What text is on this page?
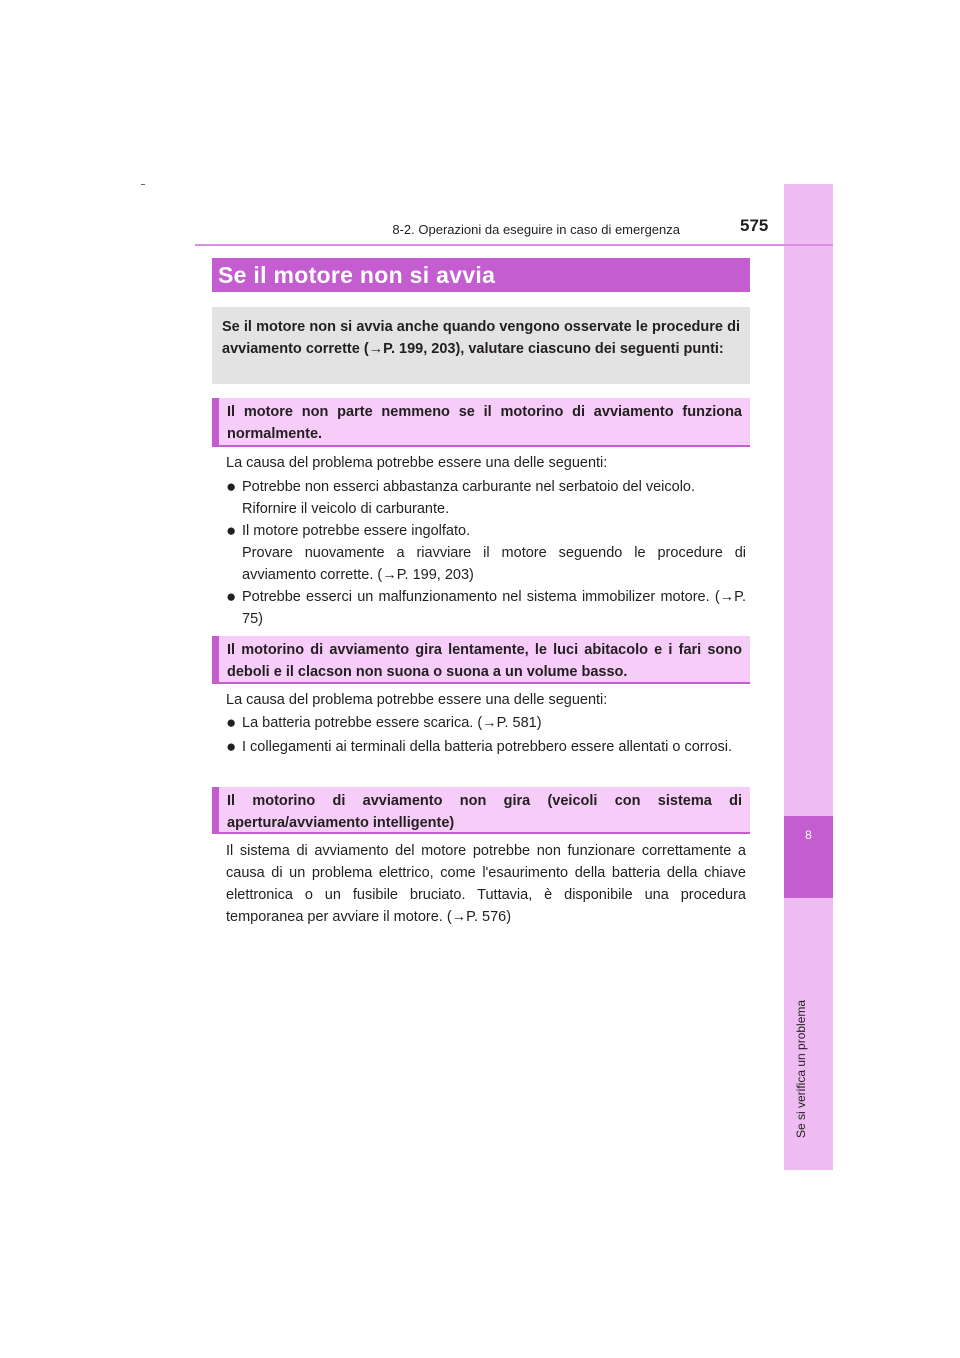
8
Se si verifica un problema
8-2. Operazioni da eseguire in caso di emergenza	575
Se il motore non si avvia
Se il motore non si avvia anche quando vengono osservate le procedure di avviamento corrette (→P. 199, 203), valutare ciascuno dei seguenti punti:
Il motore non parte nemmeno se il motorino di avviamento funziona normalmente.
La causa del problema potrebbe essere una delle seguenti:
● Potrebbe non esserci abbastanza carburante nel serbatoio del veicolo.
Rifornire il veicolo di carburante.
● Il motore potrebbe essere ingolfato.
Provare nuovamente a riavviare il motore seguendo le procedure di avviamento corrette. (→P. 199, 203)
● Potrebbe esserci un malfunzionamento nel sistema immobilizer motore. (→P. 75)
Il motorino di avviamento gira lentamente, le luci abitacolo e i fari sono deboli e il clacson non suona o suona a un volume basso.
La causa del problema potrebbe essere una delle seguenti:
● La batteria potrebbe essere scarica. (→P. 581)
● I collegamenti ai terminali della batteria potrebbero essere allentati o corrosi.
Il motorino di avviamento non gira (veicoli con sistema di apertura/avviamento intelligente)
Il sistema di avviamento del motore potrebbe non funzionare correttamente a causa di un problema elettrico, come l'esaurimento della batteria della chiave elettronica o un fusibile bruciato. Tuttavia, è disponibile una procedura temporanea per avviare il motore. (→P. 576)
